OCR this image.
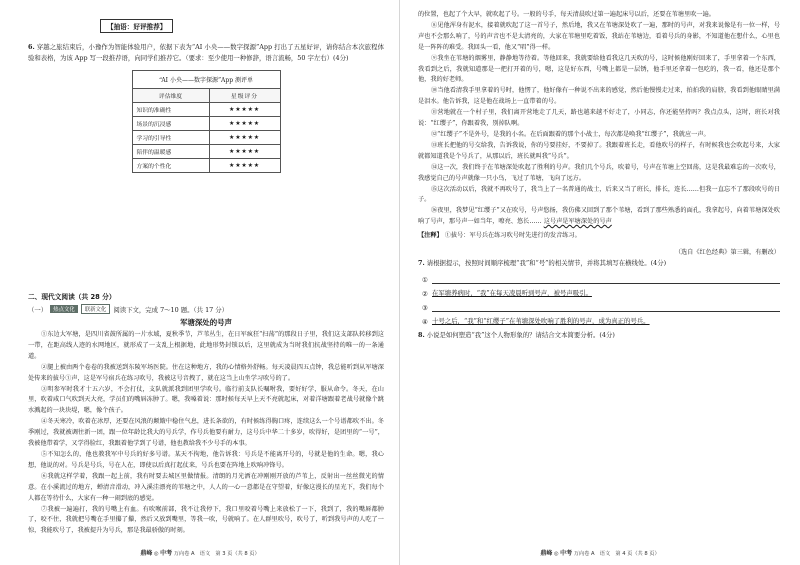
【抽语：好评推荐】

6. 穿越之旅结束后，小豫作为智能体验用户，依据下表为“AI 小央——数字探源”App 打出了五星好评，请你结合本次旅程体验和表格，为该 App 写一段推荐语，向同学们推荐它。（要求：至少使用一种修辞，语言流畅，50 字左右）(4分)

“AI 小央——数字探源”App 测评单	
评估维度	星级评分
知识的准确性	★★★★★
场景的沉浸感	★★★★★
学习的引导性	★★★★★
陪伴的温暖感	★★★★★
方案的个性化	★★★★★
二、现代文阅读（共 28 分）
（一）	热点文化	联新文化	阅读下文，完成 7～10 题。（共 17 分）
军塘深处的号声

①东边大军塘，是四川省鼓所属的一片水域，夏秋季节，芦苇丛生，在日军疯狂“扫荡”的那段日子里，我们这支部队转移到这一带，在距高线人迹的水网地区，就形成了一支乱上根据地，此地形势封锁以后，这里就成为当时我们抗战坚持的唯一的一条通道。

②腿上被由两个卷卷的我被送到东陵军场医院。住在这种地方，我的心情格外舒畅。每天凌晨四五点钟，我总能听到从军塘深处传来的拔号①声，这是军号宿兵在练习吹号，我被这号音拽了，就在这当上山坐学习吹号的了。

③明参军时我才十五六岁，不会打仗，支队就派我到团里学吹号。临行前支队长嘱咐我，要好好学，服从命令。冬天，在山里，吹着咸口气吹到天大亮，学员们的嘴唇冻肿了。嗯，我嗓着说：那时候每天早上天不亮就起床，对着洋塘跟着老战号就像个跳水溅起的一块块堤，嗯，像个孩子。

④冬天寒冷，吹着在冰厚，还要在风浪的颠簸中稳住气息，进长条欲的，有时候练得胸口疼，连续这么一个号谱都吹不出。冬季刚过，我就被调往新一团，跟一位年龄比我大的号兵学，作号兵他要有耐力，这号兵中华二十多岁，吹得好，是团里的“一号”，我被他带着学，又学得脸红，我跟着他学到了号谱，他也教给我不少号手的本事。

⑤不知怎么的，他也教我军中号兵的好多号谱。某天不拘地，他告诉我：号兵是不能离开号的，号就是他的生命。嗯，我心想，他说的对。号兵是号兵，号在人在，即使以后真打起仗来，号兵也要在阵地上吹响冲锋号。

⑥我就这样学着，我跟一起上前，我有时要去城区里做情报。清朗的月光洒在冲刚刚开放的芦苇上，反射出一丝丝微光的情意。在小溪流过的地方，蝉清音滑动，冲入溪洼漂亮的苇塘之中，人人的一心一意都是在守望着，好像这漫长的星光下，我们每个人都在等待什么，大家有一种一闹到底的感觉。

⑦我被一遍遍打，我的号嘴上有血。有吹喉前部，我不让我停下，我口里咬着号嘴上来放松了一下，我到了，我的嘴唇都肿了，咬不住，我就把号嘴在手里攥了攥，然后又放到嘴里，等我一吹，号就响了。在人群里吹号，吹号了，听到我号声的人吃了一惊，我能吹号了，我被提升为号兵，那是我最骄傲的时刻。

鼎峰 ◎ 中考 万向卷 A　语文　第 3 页（共 8 页）

的位置，也起了个大早，就吹起了号。一般的号手，每天清晨吹过第一遍起床号以后，还要在苇塘里吹一遍。

⑧见他浑身有泥水，接着就吹起了这一首号子，然后地，我又在苇塘深处吹了一遍，那时的号声，对我来说像是有一位一样，号声也不会那么响了，号的声音也不是太清亮的，大家在苇塘里吃着饭，我站在苇塘边，看着号兵的身影，不知道他在想什么，心里也是一阵阵的难受。我回头一看，他又“唱”得一样。

⑨我坐在苇塘的烟雾里，静静地等待着。等他回来，我就要给他看我这几天吹的号，这时候他刚好回来了，手里拿着一个东西，我看到之后，我就知道那是一把打开着的号，嗯，这是好东西，号嘴上都是一层锈，他手里还拿着一包吃的，我一看，他还是那个他，我的好老师。

⑩当他看清我手里拿着的号时，他愣了，他好像有一种说不出来的感觉，然后他慢慢走过来，拍拍我的肩膀，我看到他眼睛里满是泪水。他告诉我，这是他在战场上一直带着的号。

⑪营地就在一个村子里，我们离开营地走了几天，路也越来越不好走了，小同志，你还能坚持吗？我点点头，这时，班长对我说：“红缨子”，你跟着我，别掉队啊。

⑫“红缨子”不是外号，是我的小名。在后面跟着的那个小战士，每次都是唤我“红缨子”，我就应一声。

⑬班长把他的号交给我，告诉我说，你的号要挂好，不要掉了。我跟着班长走，看他吹号的样子，有时候我也会吹起号来，大家就都知道我是个号兵了，从那以后，班长就叫我“号兵”。

⑭这一次，我们终于在苇塘深处吹起了胜利的号声。我们几个号兵，吹着号，号声在苇塘上空回荡，这是我最难忘的一次吹号，我感觉自己的号声就像一只小鸟，飞过了苇塘，飞向了远方。

⑮这次活动以后，我就不再吹号了，我当上了一名普通的战士，后来又当了班长，排长，连长……但我一直忘不了那段吹号的日子。

⑯夜里，我梦见“红缨子”又在吹号，号声悠扬，我仿佛又回到了那个苇塘，看到了那些熟悉的面孔，我拿起号，向着苇塘深处吹响了号声，那号声一如当年，嘹亮、悠长…… 这号声是军塘深处的号声

【注释】 ①拔号：军号兵在练习吹号时先进行的发音练习。

（选自《红色经典》第三辑，有删改）

7. 请根据提示，按照时间顺序梳理“我”和“号”的相关情节，并将其填写在横线处。(4分)

①
② 在军塘养病时，“我”在每天凌晨听到号声，被号声吸引。
③
④ 十号之后，“我”和“红缨子”在苇塘深处吹响了胜利的号声，成为真正的号兵。

8. 小说是如何塑造“我”这个人物形象的？请结合文本简要分析。(4分)

鼎峰 ◎ 中考 万向卷 A　语文　第 4 页（共 8 页）
